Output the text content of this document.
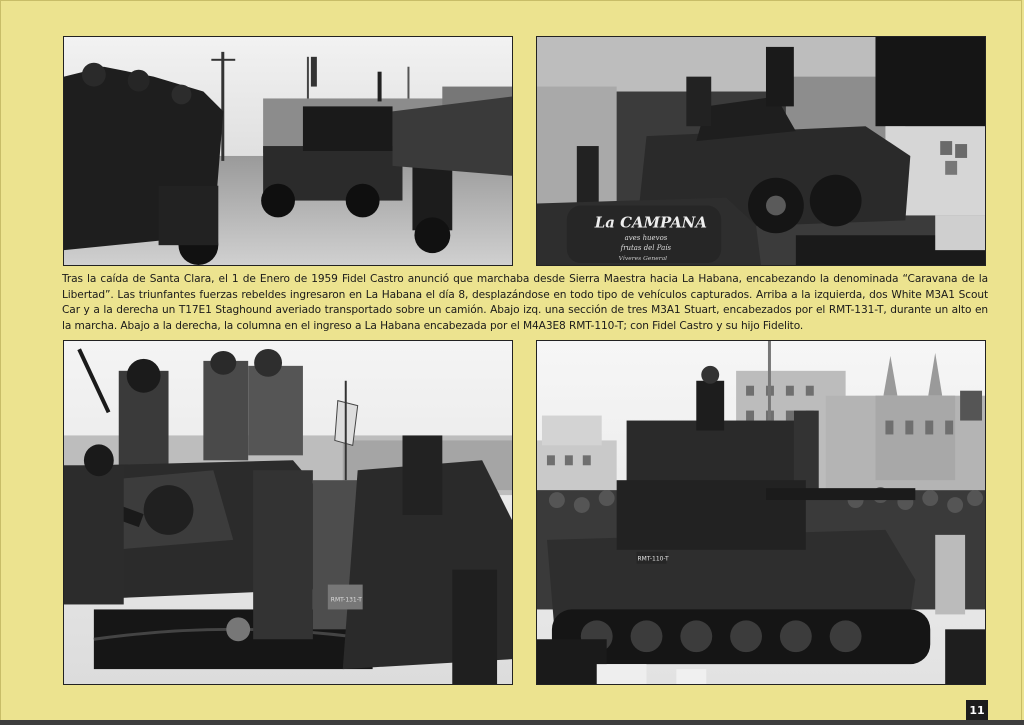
La CAMPANA
aves huevos
frutas del País
Víveres General
Tras la caída de Santa Clara, el 1 de Enero de 1959 Fidel Castro anunció que marchaba desde Sierra Maestra hacia La Habana, encabezando la denominada “Caravana de la Libertad”. Las triunfantes fuerzas rebeldes ingresaron en La Habana el día 8, desplazándose en todo tipo de vehículos capturados. Arriba a la izquierda, dos White M3A1 Scout Car y a la derecha un T17E1 Staghound averiado transportado sobre un camión. Abajo izq. una sección de tres M3A1 Stuart, encabezados por el RMT-131-T, durante un alto en la marcha. Abajo a la derecha, la columna en el ingreso a La Habana encabezada por el M4A3E8 RMT-110-T; con Fidel Castro y su hijo Fidelito.
RMT-131-T
RMT-110-T
11
